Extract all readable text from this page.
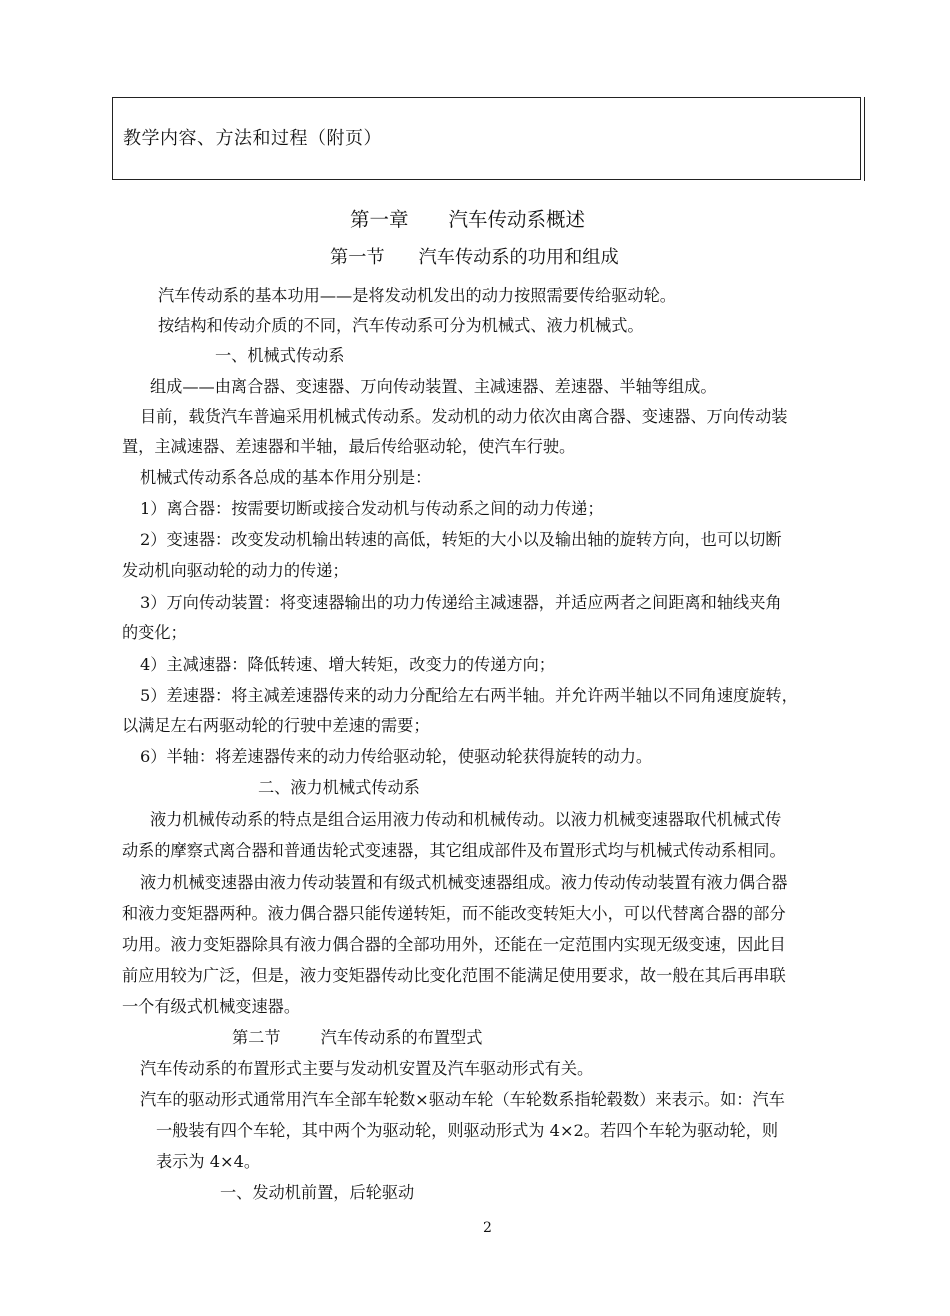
教学内容、方法和过程（附页）
第一章 汽车传动系概述
第一节 汽车传动系的功用和组成
汽车传动系的基本功用——是将发动机发出的动力按照需要传给驱动轮。
按结构和传动介质的不同，汽车传动系可分为机械式、液力机械式。
一、机械式传动系
组成——由离合器、变速器、万向传动装置、主减速器、差速器、半轴等组成。
目前，载货汽车普遍采用机械式传动系。发动机的动力依次由离合器、变速器、万向传动装
置，主减速器、差速器和半轴，最后传给驱动轮，使汽车行驶。
机械式传动系各总成的基本作用分别是：
1）离合器：按需要切断或接合发动机与传动系之间的动力传递；
2）变速器：改变发动机输出转速的高低，转矩的大小以及输出轴的旋转方向，也可以切断
发动机向驱动轮的动力的传递；
3）万向传动装置：将变速器输出的功力传递给主减速器，并适应两者之间距离和轴线夹角
的变化；
4）主减速器：降低转速、增大转矩，改变力的传递方向；
5）差速器：将主减差速器传来的动力分配给左右两半轴。并允许两半轴以不同角速度旋转，
以满足左右两驱动轮的行驶中差速的需要；
6）半轴：将差速器传来的动力传给驱动轮，使驱动轮获得旋转的动力。
二、液力机械式传动系
液力机械传动系的特点是组合运用液力传动和机械传动。以液力机械变速器取代机械式传
动系的摩察式离合器和普通齿轮式变速器，其它组成部件及布置形式均与机械式传动系相同。
液力机械变速器由液力传动装置和有级式机械变速器组成。液力传动传动装置有液力偶合器
和液力变矩器两种。液力偶合器只能传递转矩，而不能改变转矩大小，可以代替离合器的部分
功用。液力变矩器除具有液力偶合器的全部功用外，还能在一定范围内实现无级变速，因此目
前应用较为广泛，但是，液力变矩器传动比变化范围不能满足使用要求，故一般在其后再串联
一个有级式机械变速器。
第二节 汽车传动系的布置型式
汽车传动系的布置形式主要与发动机安置及汽车驱动形式有关。
汽车的驱动形式通常用汽车全部车轮数×驱动车轮（车轮数系指轮毂数）来表示。如：汽车
一般装有四个车轮，其中两个为驱动轮，则驱动形式为 4×2。若四个车轮为驱动轮，则
表示为 4×4。
一、发动机前置，后轮驱动
2
